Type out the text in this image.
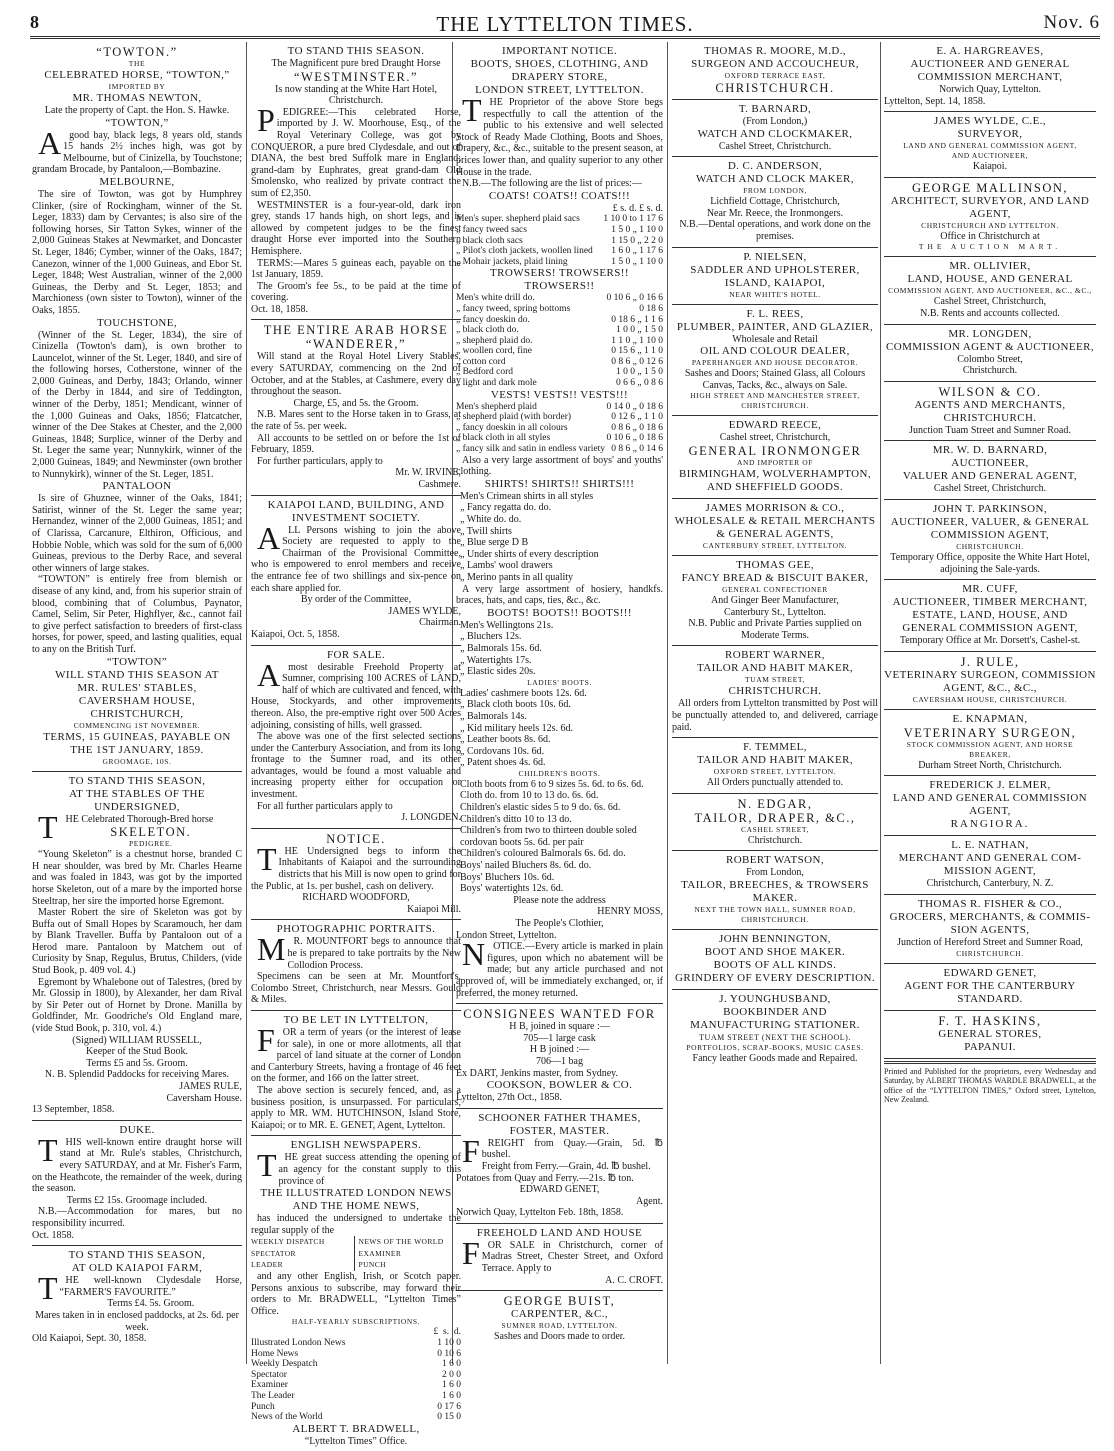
8	THE LYTTELTON TIMES.	Nov. 6
“TOWTON.”
THE
CELEBRATED HORSE, “TOWTON,”
IMPORTED BY
MR. THOMAS NEWTON,
Late the property of Capt. the Hon. S. Hawke.
“TOWTON,”

Agood bay, black legs, 8 years old, stands 15 hands 2½ inches high, was got by Melbourne, but of Cinizella, by Touchstone; grandam Brocade, by Pantaloon,—Bombazine.

MELBOURNE,

The sire of Towton, was got by Humphrey Clinker, (sire of Rockingham, winner of the St. Leger, 1833) dam by Cervantes; is also sire of the following horses, Sir Tatton Sykes, winner of the 2,000 Guineas Stakes at Newmarket, and Doncaster St. Leger, 1846; Cymber, winner of the Oaks, 1847; Canezon, winner of the 1,000 Guineas, and Ebor St. Leger, 1848; West Australian, winner of the 2,000 Guineas, the Derby and St. Leger, 1853; and Marchioness (own sister to Towton), winner of the Oaks, 1855.

TOUCHSTONE,

(Winner of the St. Leger, 1834), the sire of Cinizella (Towton's dam), is own brother to Launcelot, winner of the St. Leger, 1840, and sire of the following horses, Cotherstone, winner of the 2,000 Guineas, and Derby, 1843; Orlando, winner of the Derby in 1844, and sire of Teddington, winner of the Derby, 1851; Mendicant, winner of the 1,000 Guineas and Oaks, 1856; Flatcatcher, winner of the Dee Stakes at Chester, and the 2,000 Guineas, 1848; Surplice, winner of the Derby and St. Leger the same year; Nunnykirk, winner of the 2,000 Guineas, 1849; and Newminster (own brother to Nunnykirk), winner of the St. Leger, 1851.

PANTALOON

Is sire of Ghuznee, winner of the Oaks, 1841; Satirist, winner of the St. Leger the same year; Hernandez, winner of the 2,000 Guineas, 1851; and of Clarissa, Carcanure, Elthiron, Officious, and Hobbie Noble, which was sold for the sum of 6,000 Guineas, previous to the Derby Race, and several other winners of large stakes.

“TOWTON” is entirely free from blemish or disease of any kind, and, from his superior strain of blood, combining that of Columbus, Paynator, Camel, Selim, Sir Peter, Highflyer, &c., cannot fail to give perfect satisfaction to breeders of first-class horses, for power, speed, and lasting qualities, equal to any on the British Turf.

“TOWTON”
WILL STAND THIS SEASON AT
MR. RULES' STABLES,
CAVERSHAM HOUSE, CHRISTCHURCH,
COMMENCING 1ST NOVEMBER.
TERMS, 15 GUINEAS, PAYABLE ON
THE 1ST JANUARY, 1859.
GROOMAGE, 10S.
TO STAND THIS SEASON,
AT THE STABLES OF THE
UNDERSIGNED,

THE Celebrated Thorough-Bred horse

SKELETON.
PEDIGREE.

“Young Skeleton” is a chestnut horse, branded C H near shoulder, was bred by Mr. Charles Hearne and was foaled in 1843, was got by the imported horse Skeleton, out of a mare by the imported horse Steeltrap, her sire the imported horse Egremont.

Master Robert the sire of Skeleton was got by Buffa out of Small Hopes by Scaramouch, her dam by Blank Traveller. Buffa by Pantaloon out of a Herod mare. Pantaloon by Matchem out of Curiosity by Snap, Regulus, Brutus, Childers, (vide Stud Book, p. 409 vol. 4.)

Egremont by Whalebone out of Talestres, (bred by Mr. Glossip in 1800), by Alexander, her dam Rival by Sir Peter out of Hornet by Drone. Manilla by Goldfinder, Mr. Goodriche's Old England mare, (vide Stud Book, p. 310, vol. 4.)

(Signed) WILLIAM RUSSELL,
Keeper of the Stud Book.
Terms £5 and 5s. Groom.
N. B. Splendid Paddocks for receiving Mares.
JAMES RULE,
Caversham House.
13 September, 1858.
DUKE.

THIS well-known entire draught horse will stand at Mr. Rule's stables, Christchurch, every SATURDAY, and at Mr. Fisher's Farm, on the Heathcote, the remainder of the week, during the season.

Terms £2 15s. Groomage included.

N.B.—Accommodation for mares, but no responsibility incurred.

Oct. 1858.
TO STAND THIS SEASON,
AT OLD KAIAPOI FARM,

THE well-known Clydesdale Horse, “FARMER'S FAVOURITE.”

Terms £4. 5s. Groom.
Mares taken in in enclosed paddocks, at 2s. 6d. per week.
Old Kaiapoi, Sept. 30, 1858.
TO STAND THIS SEASON.
The Magnificent pure bred Draught Horse
“WESTMINSTER.”
Is now standing at the White Hart Hotel, Christchurch.

PEDIGREE:—This celebrated Horse, imported by J. W. Moorhouse, Esq., of the Royal Veterinary College, was got by CONQUEROR, a pure bred Clydesdale, and out of DIANA, the best bred Suffolk mare in England; grand-dam by Euphrates, great grand-dam Old Smolensko, who realized by private contract the sum of £2,350.

WESTMINSTER is a four-year-old, dark iron grey, stands 17 hands high, on short legs, and is allowed by competent judges to be the finest draught Horse ever imported into the Southern Hemisphere.

TERMS:—Mares 5 guineas each, payable on the 1st January, 1859.

The Groom's fee 5s., to be paid at the time of covering.

Oct. 18, 1858.
THE ENTIRE ARAB HORSE
“WANDERER,”

Will stand at the Royal Hotel Livery Stables, every SATURDAY, commencing on the 2nd of October, and at the Stables, at Cashmere, every day throughout the season.

Charge, £5, and 5s. the Groom.

N.B. Mares sent to the Horse taken in to Grass, at the rate of 5s. per week.

All accounts to be settled on or before the 1st of February, 1859.

For further particulars, apply to

Mr. W. IRVINE,
Cashmere.
KAIAPOI LAND, BUILDING, AND INVESTMENT SOCIETY.

ALL Persons wishing to join the above Society are requested to apply to the Chairman of the Provisional Committee, who is empowered to enrol members and receive the entrance fee of two shillings and six-pence on each share applied for.

By order of the Committee,
JAMES WYLDE,
Chairman.
Kaiapoi, Oct. 5, 1858.
FOR SALE.

Amost desirable Freehold Property at Sumner, comprising 100 ACRES of LAND, half of which are cultivated and fenced, with House, Stockyards, and other improvements thereon. Also, the pre-emptive right over 500 Acres adjoining, consisting of hills, well grassed.

The above was one of the first selected sections under the Canterbury Association, and from its long frontage to the Sumner road, and its other advantages, would be found a most valuable and increasing property either for occupation or investment.

For all further particulars apply to

J. LONGDEN.
NOTICE.

THE Undersigned begs to inform the Inhabitants of Kaiapoi and the surrounding districts that his Mill is now open to grind for the Public, at 1s. per bushel, cash on delivery.

RICHARD WOODFORD,
Kaiapoi Mill.
PHOTOGRAPHIC PORTRAITS.

MR. MOUNTFORT begs to announce that he is prepared to take portraits by the New Collodion Process.

Specimens can be seen at Mr. Mountfort's, Colombo Street, Christchurch, near Messrs. Gould & Miles.

TO BE LET IN LYTTELTON,

FOR a term of years (or the interest of lease for sale), in one or more allotments, all that parcel of land situate at the corner of London and Canterbury Streets, having a frontage of 46 feet on the former, and 166 on the latter street.

The above section is securely fenced, and, as a business position, is unsurpassed. For particulars, apply to MR. WM. HUTCHINSON, Island Store, Kaiapoi; or to MR. E. GENET, Agent, Lyttelton.

ENGLISH NEWSPAPERS.

THE great success attending the opening of an agency for the constant supply to this province of

THE ILLUSTRATED LONDON NEWS AND THE HOME NEWS,

has induced the undersigned to undertake the regular supply of the

WEEKLY DISPATCH
SPECTATOR
LEADER
NEWS OF THE WORLD
EXAMINER
PUNCH

and any other English, Irish, or Scotch paper. Persons anxious to subscribe, may forward their orders to Mr. BRADWELL, “Lyttelton Times” Office.

HALF-YEARLY SUBSCRIPTIONS.
	£ s. d.
Illustrated London News	1 10 0
Home News	0 10 6
Weekly Despatch	1 6 0
Spectator	2 0 0
Examiner	1 6 0
The Leader	1 6 0
Punch	0 17 6
News of the World	0 15 0
ALBERT T. BRADWELL,
“Lyttelton Times” Office.
IMPORTANT NOTICE.
BOOTS, SHOES, CLOTHING, AND DRAPERY STORE,
LONDON STREET, LYTTELTON.

THE Proprietor of the above Store begs respectfully to call the attention of the public to his extensive and well selected Stock of Ready Made Clothing, Boots and Shoes, Drapery, &c., &c., suitable to the present season, at prices lower than, and quality superior to any other House in the trade.

N.B.—The following are the list of prices:—

COATS! COATS!! COATS!!!
£ s. d. £ s. d.
Men's super. shepherd plaid sacs	1 10 0 to 1 17 6
„ fancy tweed sacs	1 5 0 „ 1 10 0
„ black cloth sacs	1 15 0 „ 2 2 0
„ Pilot's cloth jackets, woollen lined	1 6 0 „ 1 17 6
„ Mohair jackets, plaid lining	1 5 0 „ 1 10 0
TROWSERS! TROWSERS!! TROWSERS!!
Men's white drill do.	0 10 6 „ 0 16 6
„ fancy tweed, spring bottoms	0 18 6
„ fancy doeskin do.	0 18 6 „ 1 1 6
„ black cloth do.	1 0 0 „ 1 5 0
„ shepherd plaid do.	1 1 0 „ 1 10 0
„ woollen cord, fine	0 15 6 „ 1 1 0
„ cotton cord	0 8 6 „ 0 12 6
„ Bedford cord	1 0 0 „ 1 5 0
„ light and dark mole	0 6 6 „ 0 8 6
VESTS! VESTS!! VESTS!!!
Men's shepherd plaid	0 14 0 „ 0 18 6
„ shepherd plaid (with border)	0 12 6 „ 1 1 0
„ fancy doeskin in all colours	0 8 6 „ 0 18 6
„ black cloth in all styles	0 10 6 „ 0 18 6
„ fancy silk and satin in endless variety	0 8 6 „ 0 14 6

Also a very large assortment of boys' and youths' clothing.

SHIRTS! SHIRTS!! SHIRTS!!!
Men's Crimean shirts in all styles
„ Fancy regatta do. do.
„ White do. do.
„ Twill shirts
„ Blue serge D B
„ Under shirts of every description
„ Lambs' wool drawers
„ Merino pants in all quality

A very large assortment of hosiery, handkfs. braces, hats, and caps, ties, &c., &c.

BOOTS! BOOTS!! BOOTS!!!
Men's Wellingtons 21s.
„ Bluchers 12s.
„ Balmorals 15s. 6d.
„ Watertights 17s.
„ Elastic sides 20s.
LADIES' BOOTS.
Ladies' cashmere boots 12s. 6d.
„ Black cloth boots 10s. 6d.
„ Balmorals 14s.
„ Kid military heels 12s. 6d.
„ Leather boots 8s. 6d.
„ Cordovans 10s. 6d.
„ Patent shoes 4s. 6d.
CHILDREN'S BOOTS.
Cloth boots from 6 to 9 sizes 5s. 6d. to 6s. 6d.
Cloth do. from 10 to 13 do. 6s. 6d.
Children's elastic sides 5 to 9 do. 6s. 6d.
Children's ditto 10 to 13 do.
Children's from two to thirteen double soled cordovan boots 5s. 6d. per pair
Children's coloured Balmorals 6s. 6d. do.
Boys' nailed Bluchers 8s. 6d. do.
Boys' Bluchers 10s. 6d.
Boys' watertights 12s. 6d.
Please note the address
HENRY MOSS,
The People's Clothier,
London Street, Lyttelton.

NOTICE.—Every article is marked in plain figures, upon which no abatement will be made; but any article purchased and not approved of, will be immediately exchanged, or, if preferred, the money returned.

CONSIGNEES WANTED FOR
H B, joined in square :—
705—1 large cask
H B joined :—
706—1 bag
Ex DART, Jenkins master, from Sydney.
COOKSON, BOWLER & CO.
Lyttelton, 27th Oct., 1858.
SCHOONER FATHER THAMES,
FOSTER, MASTER.

FREIGHT from Quay.—Grain, 5d. ℔ bushel.

Freight from Ferry.—Grain, 4d. ℔ bushel.
Potatoes from Quay and Ferry.—21s. ℔ ton.
EDWARD GENET,
Agent.
Norwich Quay, Lyttelton Feb. 18th, 1858.
FREEHOLD LAND AND HOUSE

FOR SALE in Christchurch, corner of Madras Street, Chester Street, and Oxford Terrace. Apply to

A. C. CROFT.
GEORGE BUIST,
CARPENTER, &C.,
SUMNER ROAD, LYTTELTON.
Sashes and Doors made to order.
THOMAS R. MOORE, M.D.,
SURGEON AND ACCOUCHEUR,
OXFORD TERRACE EAST,
CHRISTCHURCH.
T. BARNARD,
(From London,)
WATCH AND CLOCKMAKER,
Cashel Street, Christchurch.
D. C. ANDERSON,
WATCH AND CLOCK MAKER,
FROM LONDON,
Lichfield Cottage, Christchurch,
Near Mr. Reece, the Ironmongers.
N.B.—Dental operations, and work done on the premises.
P. NIELSEN,
SADDLER AND UPHOLSTERER,
ISLAND, KAIAPOI,
NEAR WHITE'S HOTEL.
F. L. REES,
PLUMBER, PAINTER, AND GLAZIER,
Wholesale and Retail
OIL AND COLOUR DEALER,
PAPERHANGER AND HOUSE DECORATOR.
Sashes and Doors; Stained Glass, all Colours Canvas, Tacks, &c., always on Sale.
HIGH STREET AND MANCHESTER STREET,
CHRISTCHURCH.
EDWARD REECE,
Cashel street, Christchurch,
GENERAL IRONMONGER
AND IMPORTER OF
BIRMINGHAM, WOLVERHAMPTON,
AND SHEFFIELD GOODS.
JAMES MORRISON & CO.,
WHOLESALE & RETAIL MERCHANTS
& GENERAL AGENTS,
CANTERBURY STREET, LYTTELTON.
THOMAS GEE,
FANCY BREAD & BISCUIT BAKER,
GENERAL CONFECTIONER
And Ginger Beer Manufacturer,
Canterbury St., Lyttelton.
N.B. Public and Private Parties supplied on Moderate Terms.
ROBERT WARNER,
TAILOR AND HABIT MAKER,
TUAM STREET,
CHRISTCHURCH.

All orders from Lyttelton transmitted by Post will be punctually attended to, and delivered, carriage paid.

F. TEMMEL,
TAILOR AND HABIT MAKER,
OXFORD STREET, LYTTELTON.
All Orders punctually attended to.
N. EDGAR,
TAILOR, DRAPER, &C.,
CASHEL STREET,
Christchurch.
ROBERT WATSON,
From London,
TAILOR, BREECHES, & TROWSERS MAKER.
NEXT THE TOWN HALL, SUMNER ROAD,
CHRISTCHURCH.
JOHN BENNINGTON,
BOOT AND SHOE MAKER.
BOOTS OF ALL KINDS.
GRINDERY OF EVERY DESCRIPTION.
J. YOUNGHUSBAND,
BOOKBINDER AND MANUFACTURING STATIONER.
TUAM STREET (NEXT THE SCHOOL).
PORTFOLIOS, SCRAP-BOOKS, MUSIC CASES.
Fancy leather Goods made and Repaired.
E. A. HARGREAVES,
AUCTIONEER AND GENERAL
COMMISSION MERCHANT,
Norwich Quay, Lyttelton.
Lyttelton, Sept. 14, 1858.
JAMES WYLDE, C.E.,
SURVEYOR,
LAND AND GENERAL COMMISSION AGENT,
AND AUCTIONEER,
Kaiapoi.
GEORGE MALLINSON,
ARCHITECT, SURVEYOR, AND LAND AGENT,
CHRISTCHURCH AND LYTTELTON.
Office in Christchurch at
THE AUCTION MART.
MR. OLLIVIER,
LAND, HOUSE, AND GENERAL
COMMISSION AGENT, AND AUCTIONEER, &C., &C.,
Cashel Street, Christchurch,
N.B. Rents and accounts collected.
MR. LONGDEN,
COMMISSION AGENT & AUCTIONEER,
Colombo Street,
Christchurch.
WILSON & CO.
AGENTS AND MERCHANTS,
CHRISTCHURCH.
Junction Tuam Street and Sumner Road.
MR. W. D. BARNARD,
AUCTIONEER,
VALUER AND GENERAL AGENT,
Cashel Street, Christchurch.
JOHN T. PARKINSON,
AUCTIONEER, VALUER, & GENERAL
COMMISSION AGENT,
CHRISTCHURCH.
Temporary Office, opposite the White Hart Hotel, adjoining the Sale-yards.
MR. CUFF,
AUCTIONEER, TIMBER MERCHANT,
ESTATE, LAND, HOUSE, AND
GENERAL COMMISSION AGENT,
Temporary Office at Mr. Dorsett's, Cashel-st.
J. RULE,
VETERINARY SURGEON, COMMISSION
AGENT, &C., &C.,
CAVERSHAM HOUSE, CHRISTCHURCH.
E. KNAPMAN,
VETERINARY SURGEON,
STOCK COMMISSION AGENT, AND HORSE
BREAKER,
Durham Street North, Christchurch.
FREDERICK J. ELMER,
LAND AND GENERAL COMMISSION
AGENT,
RANGIORA.
L. E. NATHAN,
MERCHANT AND GENERAL COM-
MISSION AGENT,
Christchurch, Canterbury, N. Z.
THOMAS R. FISHER & CO.,
GROCERS, MERCHANTS, & COMMIS-
SION AGENTS,
Junction of Hereford Street and Sumner Road,
CHRISTCHURCH.
EDWARD GENET,
AGENT FOR THE CANTERBURY
STANDARD.
F. T. HASKINS,
GENERAL STORES,
PAPANUI.
Printed and Published for the proprietors, every Wednesday and Saturday, by ALBERT THOMAS WARDLE BRADWELL, at the office of the “LYTTELTON TIMES,” Oxford street, Lyttelton, New Zealand.
